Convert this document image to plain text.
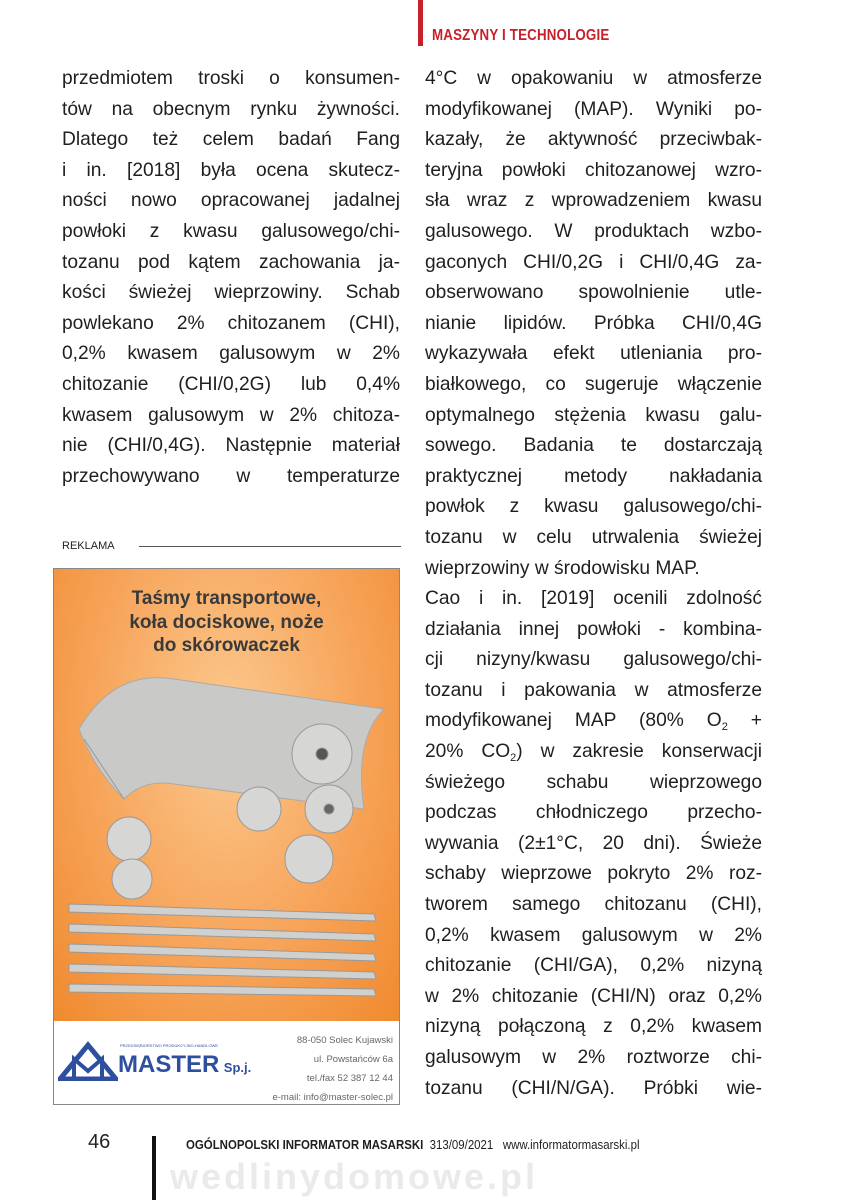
MASZYNY I TECHNOLOGIE
przedmiotem troski o konsumen-
tów na obecnym rynku żywności.
Dlatego też celem badań Fang
i in. [2018] była ocena skutecz-
ności nowo opracowanej jadalnej
powłoki z kwasu galusowego/chi-
tozanu pod kątem zachowania ja-
kości świeżej wieprzowiny. Schab
powlekano 2% chitozanem (CHI),
0,2% kwasem galusowym w 2%
chitozanie (CHI/0,2G) lub 0,4%
kwasem galusowym w 2% chitoza-
nie (CHI/0,4G). Następnie materiał
przechowywano w temperaturze
4°C w opakowaniu w atmosferze
modyfikowanej (MAP). Wyniki po-
kazały, że aktywność przeciwbak-
teryjna powłoki chitozanowej wzro-
sła wraz z wprowadzeniem kwasu
galusowego. W produktach wzbo-
gaconych CHI/0,2G i CHI/0,4G za-
obserwowano spowolnienie utle-
nianie lipidów. Próbka CHI/0,4G
wykazywała efekt utleniania pro-
białkowego, co sugeruje włączenie
optymalnego stężenia kwasu galu-
sowego. Badania te dostarczają
praktycznej metody nakładania
powłok z kwasu galusowego/chi-
tozanu w celu utrwalenia świeżej
wieprzowiny w środowisku MAP.
Cao i in. [2019] ocenili zdolność
działania innej powłoki - kombina-
cji nizyny/kwasu galusowego/chi-
tozanu i pakowania w atmosferze
modyfikowanej MAP (80% $O_2$ +
20% $CO_2$) w zakresie konserwacji
świeżego schabu wieprzowego
podczas chłodniczego przecho-
wywania (2±1°C, 20 dni). Świeże
schaby wieprzowe pokryto 2% roz-
tworem samego chitozanu (CHI),
0,2% kwasem galusowym w 2%
chitozanie (CHI/GA), 0,2% nizyną
w 2% chitozanie (CHI/N) oraz 0,2%
nizyną połączoną z 0,2% kwasem
galusowym w 2% roztworze chi-
tozanu (CHI/N/GA). Próbki wie-
REKLAMA
Taśmy transportowe,
koła dociskowe, noże
do skórowaczek
PRZEDSIĘBIORSTWO PRODUKCYJNO-HANDLOWE
MASTER Sp.j.
88-050 Solec Kujawski
ul. Powstańców 6a
tel./fax 52 387 12 44
e-mail: info@master-solec.pl
wedlinydomowe.pl
46	OGÓLNOPOLSKI INFORMATOR MASARSKI 313/09/2021 www.informatormasarski.pl
